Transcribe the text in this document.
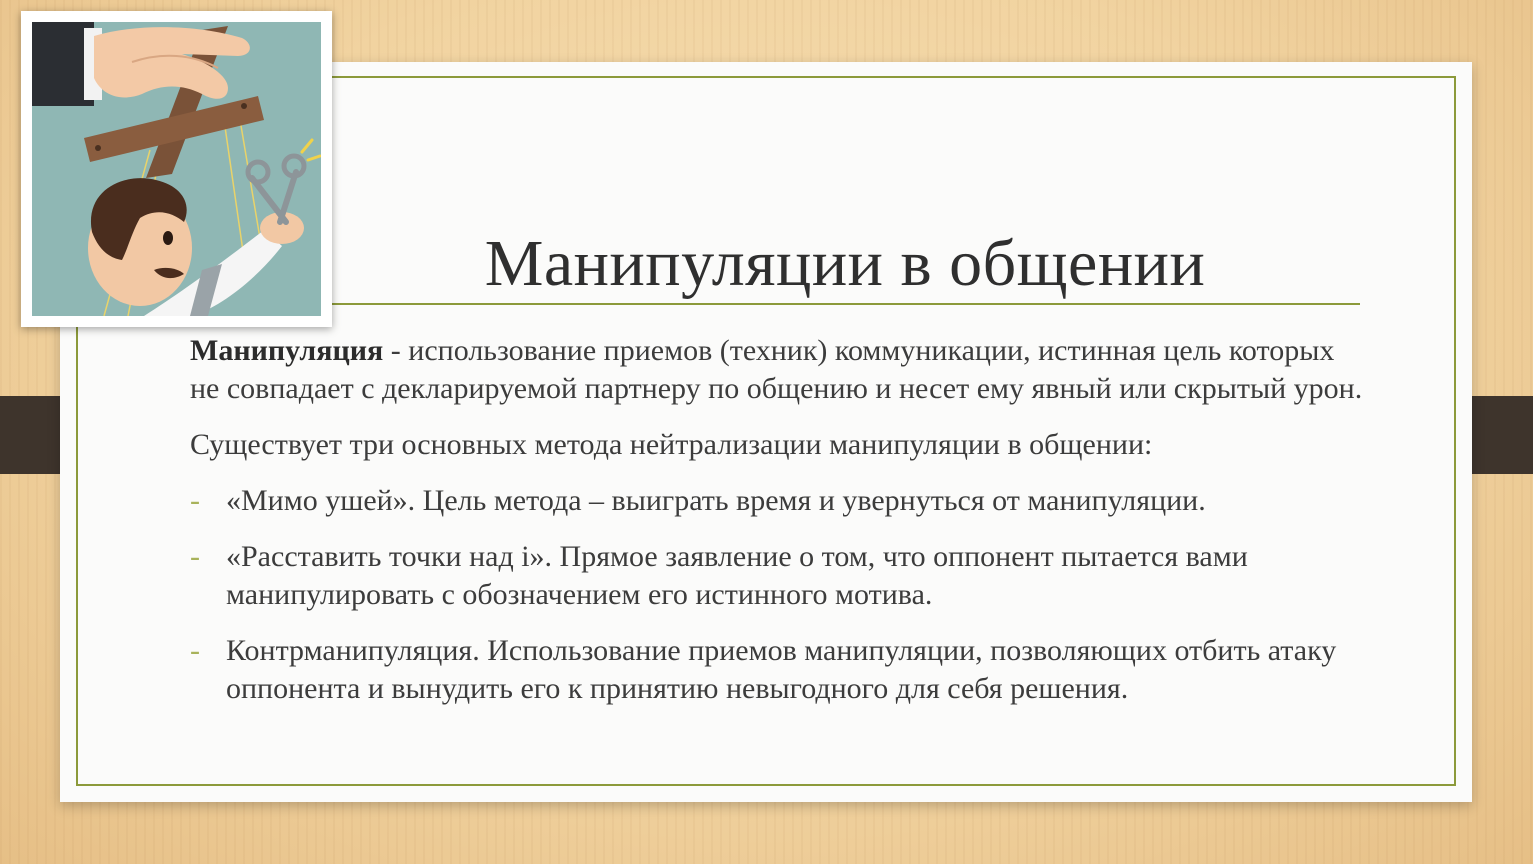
Манипуляции в общении

Манипуляция - использование приемов (техник) коммуникации, истинная цель которых не совпадает с декларируемой партнеру по общению и несет ему явный или скрытый урон.

Существует три основных метода нейтрализации манипуляции в общении:

- «Мимо ушей». Цель метода – выиграть время и увернуться от манипуляции.
- «Расставить точки над i». Прямое заявление о том, что оппонент пытается вами манипулировать с обозначением его истинного мотива.
- Контрманипуляция. Использование приемов манипуляции, позволяющих отбить атаку оппонента и вынудить его к принятию невыгодного для себя решения.
